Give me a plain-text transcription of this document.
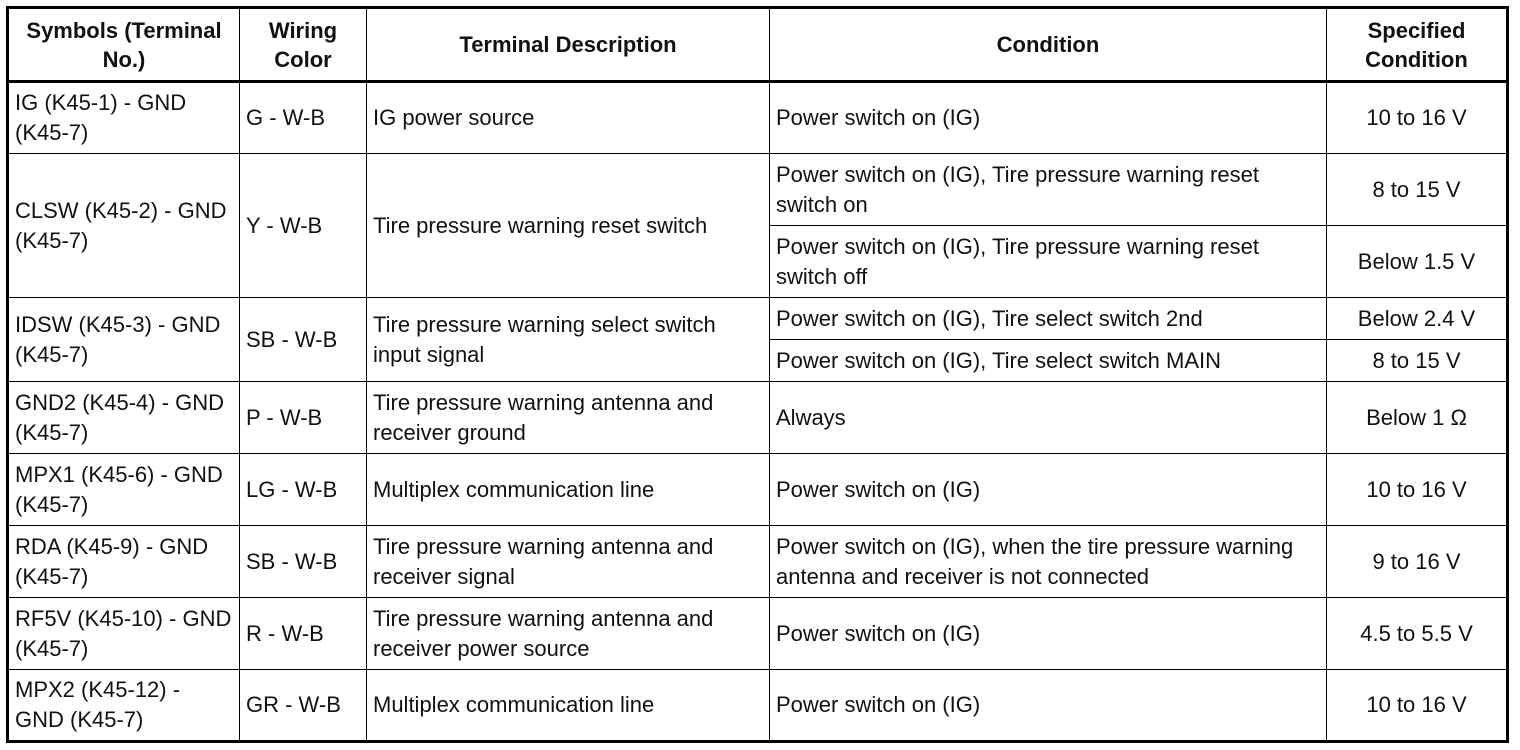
Symbols (Terminal No.)	Wiring Color	Terminal Description	Condition	Specified Condition
IG (K45-1) - GND (K45-7)	G - W-B	IG power source	Power switch on (IG)	10 to 16 V
CLSW (K45-2) - GND (K45-7)	Y - W-B	Tire pressure warning reset switch	Power switch on (IG), Tire pressure warning reset switch on	8 to 15 V
			Power switch on (IG), Tire pressure warning reset switch off	Below 1.5 V
IDSW (K45-3) - GND (K45-7)	SB - W-B	Tire pressure warning select switch input signal	Power switch on (IG), Tire select switch 2nd	Below 2.4 V
			Power switch on (IG), Tire select switch MAIN	8 to 15 V
GND2 (K45-4) - GND (K45-7)	P - W-B	Tire pressure warning antenna and receiver ground	Always	Below 1 Ω
MPX1 (K45-6) - GND (K45-7)	LG - W-B	Multiplex communication line	Power switch on (IG)	10 to 16 V
RDA (K45-9) - GND (K45-7)	SB - W-B	Tire pressure warning antenna and receiver signal	Power switch on (IG), when the tire pressure warning antenna and receiver is not connected	9 to 16 V
RF5V (K45-10) - GND (K45-7)	R - W-B	Tire pressure warning antenna and receiver power source	Power switch on (IG)	4.5 to 5.5 V
MPX2 (K45-12) - GND (K45-7)	GR - W-B	Multiplex communication line	Power switch on (IG)	10 to 16 V
